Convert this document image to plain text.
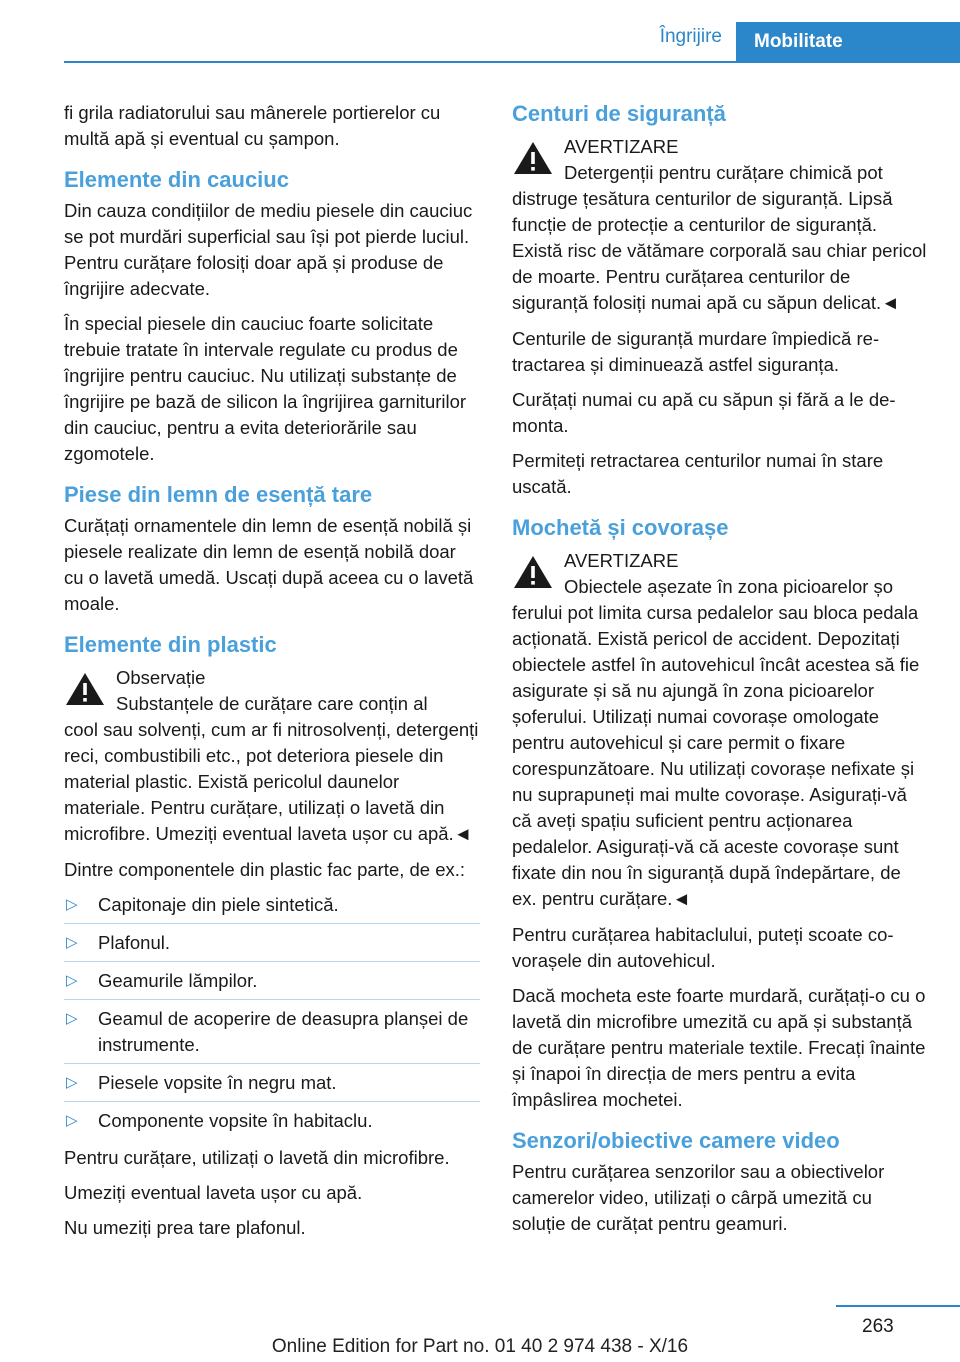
Îngrijire	Mobilitate

fi grila radiatorului sau mânerele portierelor cu multă apă și eventual cu șampon.

Elemente din cauciuc

Din cauza condițiilor de mediu piesele din cauciuc se pot murdări superficial sau își pot pierde luciul. Pentru curățare folosiți doar apă și produse de îngrijire adecvate.

În special piesele din cauciuc foarte solicitate trebuie tratate în intervale regulate cu produs de îngrijire pentru cauciuc. Nu utilizați substanțe de îngrijire pe bază de silicon la îngrijirea garniturilor din cauciuc, pentru a evita deteriorările sau zgomotele.

Piese din lemn de esență tare

Curățați ornamentele din lemn de esență nobilă și piesele realizate din lemn de esență nobilă doar cu o lavetă umedă. Uscați după aceea cu o lavetă moale.

Elemente din plastic
Observație
Substanțele de curățare care conțin al
cool sau solvenți, cum ar fi nitrosolvenți, detergenți reci, combustibili etc., pot deteriora piesele din material plastic. Există pericolul daunelor materiale. Pentru curățare, utilizați o lavetă din microfibre. Umeziți eventual laveta ușor cu apă.◄

Dintre componentele din plastic fac parte, de ex.:

▷ Capitonaje din piele sintetică.
▷ Plafonul.
▷ Geamurile lămpilor.
▷ Geamul de acoperire de deasupra planșei de instrumente.
▷ Piesele vopsite în negru mat.
▷ Componente vopsite în habitaclu.

Pentru curățare, utilizați o lavetă din microfibre.

Umeziți eventual laveta ușor cu apă.

Nu umeziți prea tare plafonul.

Centuri de siguranță
AVERTIZARE
Detergenții pentru curățare chimică pot
distruge țesătura centurilor de siguranță. Lipsă funcție de protecție a centurilor de siguranță. Există risc de vătămare corporală sau chiar pericol de moarte. Pentru curățarea centurilor de siguranță folosiți numai apă cu săpun delicat.◄

Centurile de siguranță murdare împiedică retractarea și diminuează astfel siguranța.

Curățați numai cu apă cu săpun și fără a le demonta.

Permiteți retractarea centurilor numai în stare uscată.

Mochetă și covorașe
AVERTIZARE
Obiectele așezate în zona picioarelor șo
ferului pot limita cursa pedalelor sau bloca pedala acționată. Există pericol de accident. Depozitați obiectele astfel în autovehicul încât acestea să fie asigurate și să nu ajungă în zona picioarelor șoferului. Utilizați numai covorașe omologate pentru autovehicul și care permit o fixare corespunzătoare. Nu utilizați covorașe nefixate și nu suprapuneți mai multe covorașe. Asigurați-vă că aveți spațiu suficient pentru acționarea pedalelor. Asigurați-vă că aceste covorașe sunt fixate din nou în siguranță după îndepărtare, de ex. pentru curățare.◄

Pentru curățarea habitaclului, puteți scoate covorașele din autovehicul.

Dacă mocheta este foarte murdară, curățați-o cu o lavetă din microfibre umezită cu apă și substanță de curățare pentru materiale textile. Frecați înainte și înapoi în direcția de mers pentru a evita împâslirea mochetei.

Senzori/obiective camere video

Pentru curățarea senzorilor sau a obiectivelor camerelor video, utilizați o cârpă umezită cu soluție de curățat pentru geamuri.

263
Online Edition for Part no. 01 40 2 974 438 - X/16
